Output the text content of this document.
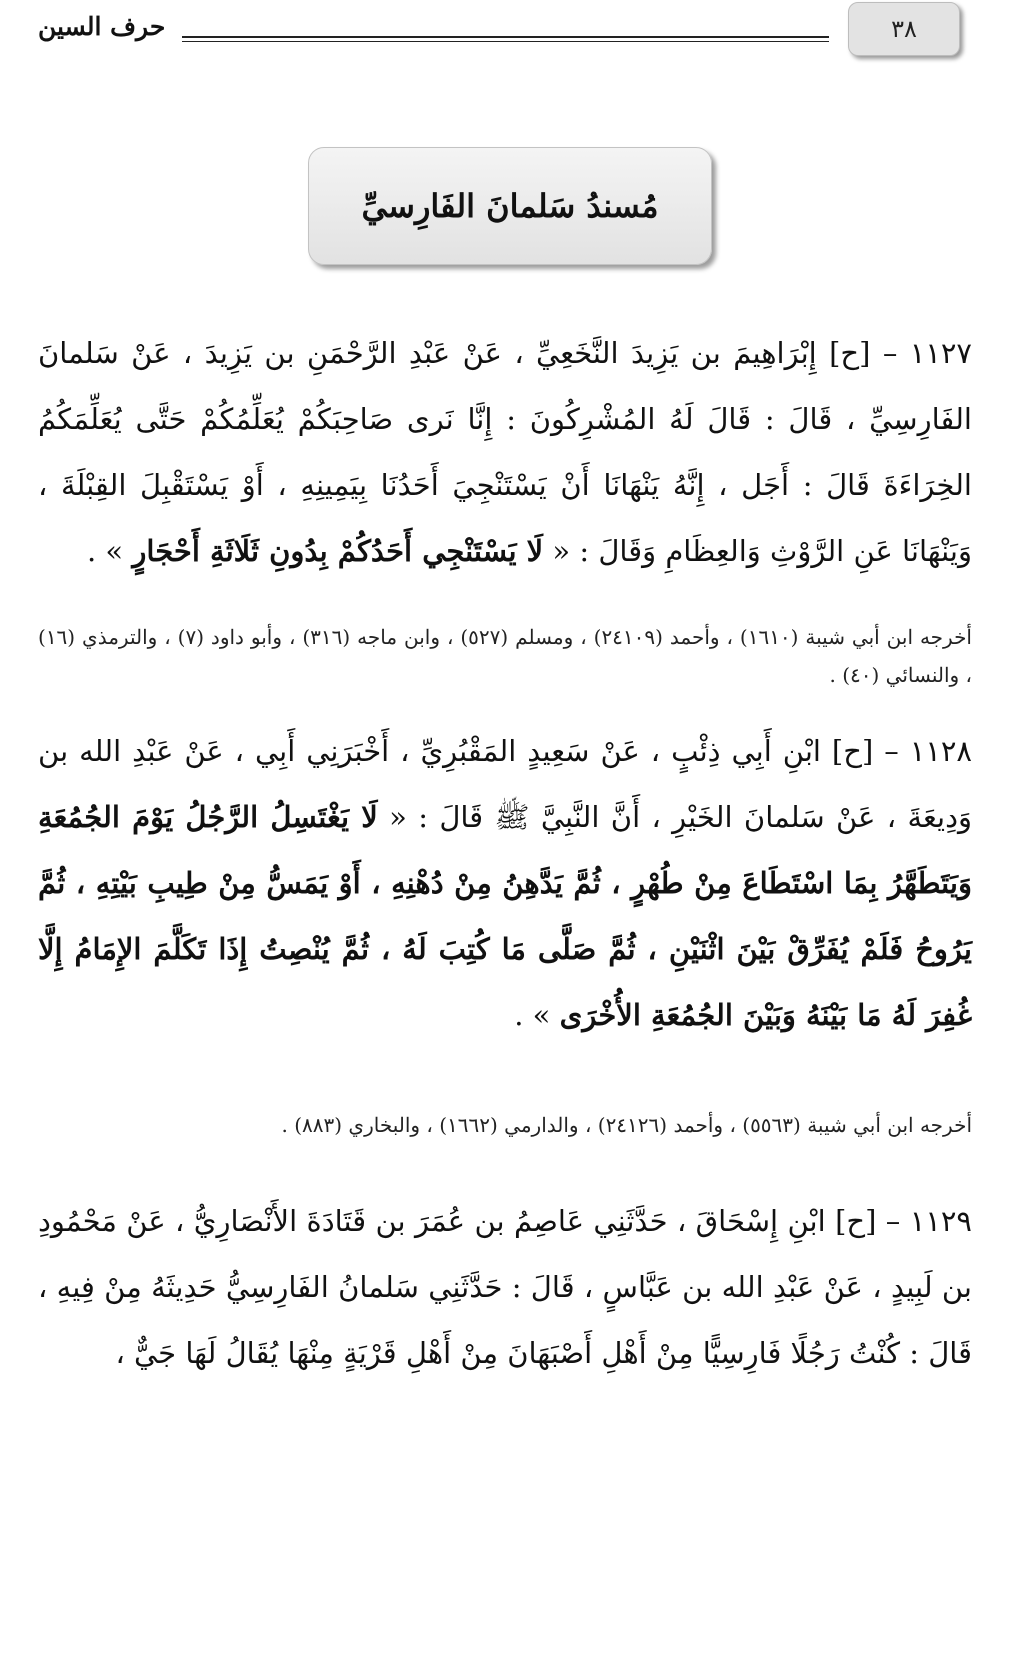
٣٨
حرف السين
مُسندُ سَلمانَ الفَارِسيِّ
١١٢٧ – [ح] إِبْرَاهِيمَ بن يَزِيدَ النَّخَعِيِّ ، عَنْ عَبْدِ الرَّحْمَنِ بن يَزِيدَ ، عَنْ سَلمانَ الفَارِسِيِّ ، قَالَ : قَالَ لَهُ المُشْرِكُونَ : إِنَّا نَرى صَاحِبَكُمْ يُعَلِّمُكُمْ حَتَّى يُعَلِّمَكُمُ الخِرَاءَةَ قَالَ : أَجَل ، إِنَّهُ يَنْهَانَا أَنْ يَسْتَنْجِيَ أَحَدُنَا بِيَمِينِهِ ، أَوْ يَسْتَقْبِلَ القِبْلَةَ ، وَيَنْهَانَا عَنِ الرَّوْثِ وَالعِظَامِ وَقَالَ : « لَا يَسْتَنْجِي أَحَدُكُمْ بِدُونِ ثَلَاثَةِ أَحْجَارٍ » .
أخرجه ابن أبي شيبة (١٦١٠) ، وأحمد (٢٤١٠٩) ، ومسلم (٥٢٧) ، وابن ماجه (٣١٦) ، وأبو داود (٧) ، والترمذي (١٦) ، والنسائي (٤٠) .
١١٢٨ – [ح] ابْنِ أَبِي ذِئْبٍ ، عَنْ سَعِيدٍ المَقْبُرِيِّ ، أَخْبَرَنِي أَبِي ، عَنْ عَبْدِ الله بن وَدِيعَةَ ، عَنْ سَلمانَ الخَيْرِ ، أَنَّ النَّبِيَّ ﷺ قَالَ : « لَا يَغْتَسِلُ الرَّجُلُ يَوْمَ الجُمُعَةِ وَيَتَطَهَّرُ بِمَا اسْتَطَاعَ مِنْ طُهْرٍ ، ثُمَّ يَدَّهِنُ مِنْ دُهْنِهِ ، أَوْ يَمَسُّ مِنْ طِيبِ بَيْتِهِ ، ثُمَّ يَرُوحُ فَلَمْ يُفَرِّقْ بَيْنَ اثْنَيْنِ ، ثُمَّ صَلَّى مَا كُتِبَ لَهُ ، ثُمَّ يُنْصِتُ إِذَا تَكَلَّمَ الإِمَامُ إِلَّا غُفِرَ لَهُ مَا بَيْنَهُ وَبَيْنَ الجُمُعَةِ الأُخْرَى » .
أخرجه ابن أبي شيبة (٥٥٦٣) ، وأحمد (٢٤١٢٦) ، والدارمي (١٦٦٢) ، والبخاري (٨٨٣) .
١١٢٩ – [ح] ابْنِ إِسْحَاقَ ، حَدَّثَنِي عَاصِمُ بن عُمَرَ بن قَتَادَةَ الأَنْصَارِيُّ ، عَنْ مَحْمُودِ بن لَبِيدٍ ، عَنْ عَبْدِ الله بن عَبَّاسٍ ، قَالَ : حَدَّثَنِي سَلمانُ الفَارِسِيُّ حَدِيثَهُ مِنْ فِيهِ ، قَالَ : كُنْتُ رَجُلًا فَارِسِيًّا مِنْ أَهْلِ أَصْبَهَانَ مِنْ أَهْلِ قَرْيَةٍ مِنْهَا يُقَالُ لَهَا جَيٌّ ،
